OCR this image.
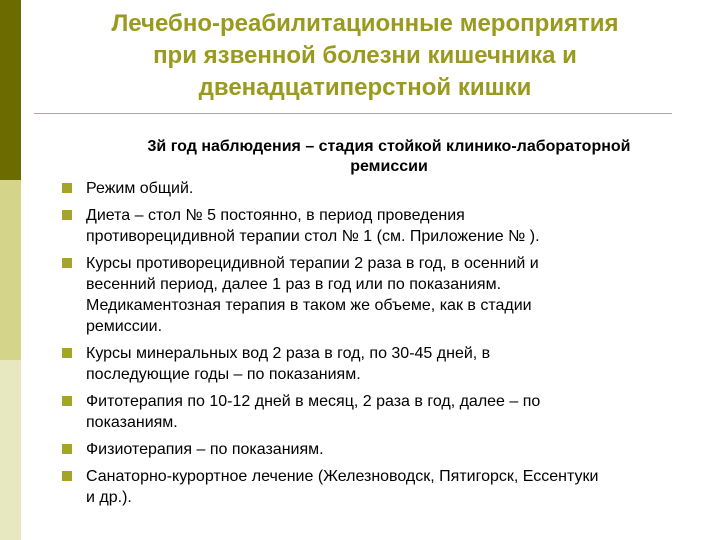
Лечебно-реабилитационные мероприятия
при язвенной болезни кишечника и
двенадцатиперстной кишки
3й год наблюдения – стадия стойкой клинико-лабораторной
ремиссии
Режим общий.
Диета – стол № 5 постоянно, в период проведения
противорецидивной терапии стол № 1 (см. Приложение № ).
Курсы противорецидивной терапии 2 раза в год, в осенний и
весенний период, далее 1 раз в год или по показаниям.
Медикаментозная терапия в таком же объеме, как в стадии
ремиссии.
Курсы минеральных вод 2 раза в год, по 30-45 дней, в
последующие годы – по показаниям.
Фитотерапия по 10-12 дней в месяц, 2 раза в год, далее – по
показаниям.
Физиотерапия – по показаниям.
Санаторно-курортное лечение (Железноводск, Пятигорск, Ессентуки
и др.).
